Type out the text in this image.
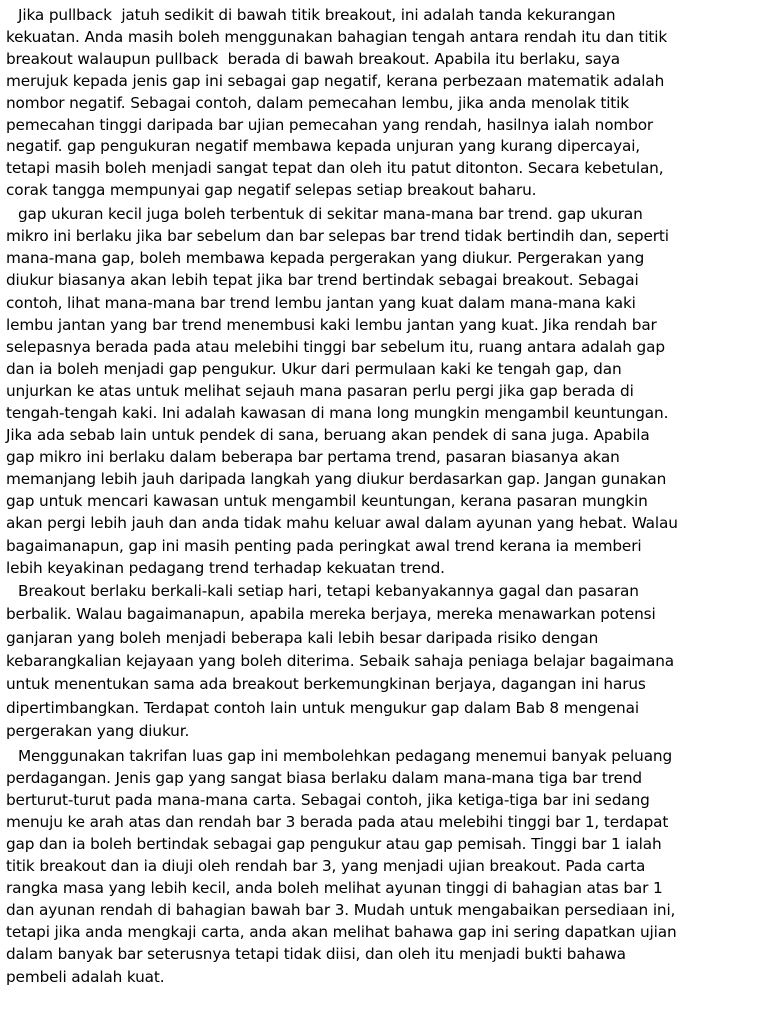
Jika pullback  jatuh sedikit di bawah titik breakout, ini adalah tanda kekurangan
kekuatan. Anda masih boleh menggunakan bahagian tengah antara rendah itu dan titik
breakout walaupun pullback  berada di bawah breakout. Apabila itu berlaku, saya
merujuk kepada jenis gap ini sebagai gap negatif, kerana perbezaan matematik adalah
nombor negatif. Sebagai contoh, dalam pemecahan lembu, jika anda menolak titik
pemecahan tinggi daripada bar ujian pemecahan yang rendah, hasilnya ialah nombor
negatif. gap pengukuran negatif membawa kepada unjuran yang kurang dipercayai,
tetapi masih boleh menjadi sangat tepat dan oleh itu patut ditonton. Secara kebetulan,
corak tangga mempunyai gap negatif selepas setiap breakout baharu.
gap ukuran kecil juga boleh terbentuk di sekitar mana-mana bar trend. gap ukuran
mikro ini berlaku jika bar sebelum dan bar selepas bar trend tidak bertindih dan, seperti
mana-mana gap, boleh membawa kepada pergerakan yang diukur. Pergerakan yang
diukur biasanya akan lebih tepat jika bar trend bertindak sebagai breakout. Sebagai
contoh, lihat mana-mana bar trend lembu jantan yang kuat dalam mana-mana kaki
lembu jantan yang bar trend menembusi kaki lembu jantan yang kuat. Jika rendah bar
selepasnya berada pada atau melebihi tinggi bar sebelum itu, ruang antara adalah gap
dan ia boleh menjadi gap pengukur. Ukur dari permulaan kaki ke tengah gap, dan
unjurkan ke atas untuk melihat sejauh mana pasaran perlu pergi jika gap berada di
tengah-tengah kaki. Ini adalah kawasan di mana long mungkin mengambil keuntungan.
Jika ada sebab lain untuk pendek di sana, beruang akan pendek di sana juga. Apabila
gap mikro ini berlaku dalam beberapa bar pertama trend, pasaran biasanya akan
memanjang lebih jauh daripada langkah yang diukur berdasarkan gap. Jangan gunakan
gap untuk mencari kawasan untuk mengambil keuntungan, kerana pasaran mungkin
akan pergi lebih jauh dan anda tidak mahu keluar awal dalam ayunan yang hebat. Walau
bagaimanapun, gap ini masih penting pada peringkat awal trend kerana ia memberi
lebih keyakinan pedagang trend terhadap kekuatan trend.
Breakout berlaku berkali-kali setiap hari, tetapi kebanyakannya gagal dan pasaran
berbalik. Walau bagaimanapun, apabila mereka berjaya, mereka menawarkan potensi
ganjaran yang boleh menjadi beberapa kali lebih besar daripada risiko dengan
kebarangkalian kejayaan yang boleh diterima. Sebaik sahaja peniaga belajar bagaimana
untuk menentukan sama ada breakout berkemungkinan berjaya, dagangan ini harus
dipertimbangkan. Terdapat contoh lain untuk mengukur gap dalam Bab 8 mengenai
pergerakan yang diukur.
Menggunakan takrifan luas gap ini membolehkan pedagang menemui banyak peluang
perdagangan. Jenis gap yang sangat biasa berlaku dalam mana-mana tiga bar trend
berturut-turut pada mana-mana carta. Sebagai contoh, jika ketiga-tiga bar ini sedang
menuju ke arah atas dan rendah bar 3 berada pada atau melebihi tinggi bar 1, terdapat
gap dan ia boleh bertindak sebagai gap pengukur atau gap pemisah. Tinggi bar 1 ialah
titik breakout dan ia diuji oleh rendah bar 3, yang menjadi ujian breakout. Pada carta
rangka masa yang lebih kecil, anda boleh melihat ayunan tinggi di bahagian atas bar 1
dan ayunan rendah di bahagian bawah bar 3. Mudah untuk mengabaikan persediaan ini,
tetapi jika anda mengkaji carta, anda akan melihat bahawa gap ini sering dapatkan ujian
dalam banyak bar seterusnya tetapi tidak diisi, dan oleh itu menjadi bukti bahawa
pembeli adalah kuat.
